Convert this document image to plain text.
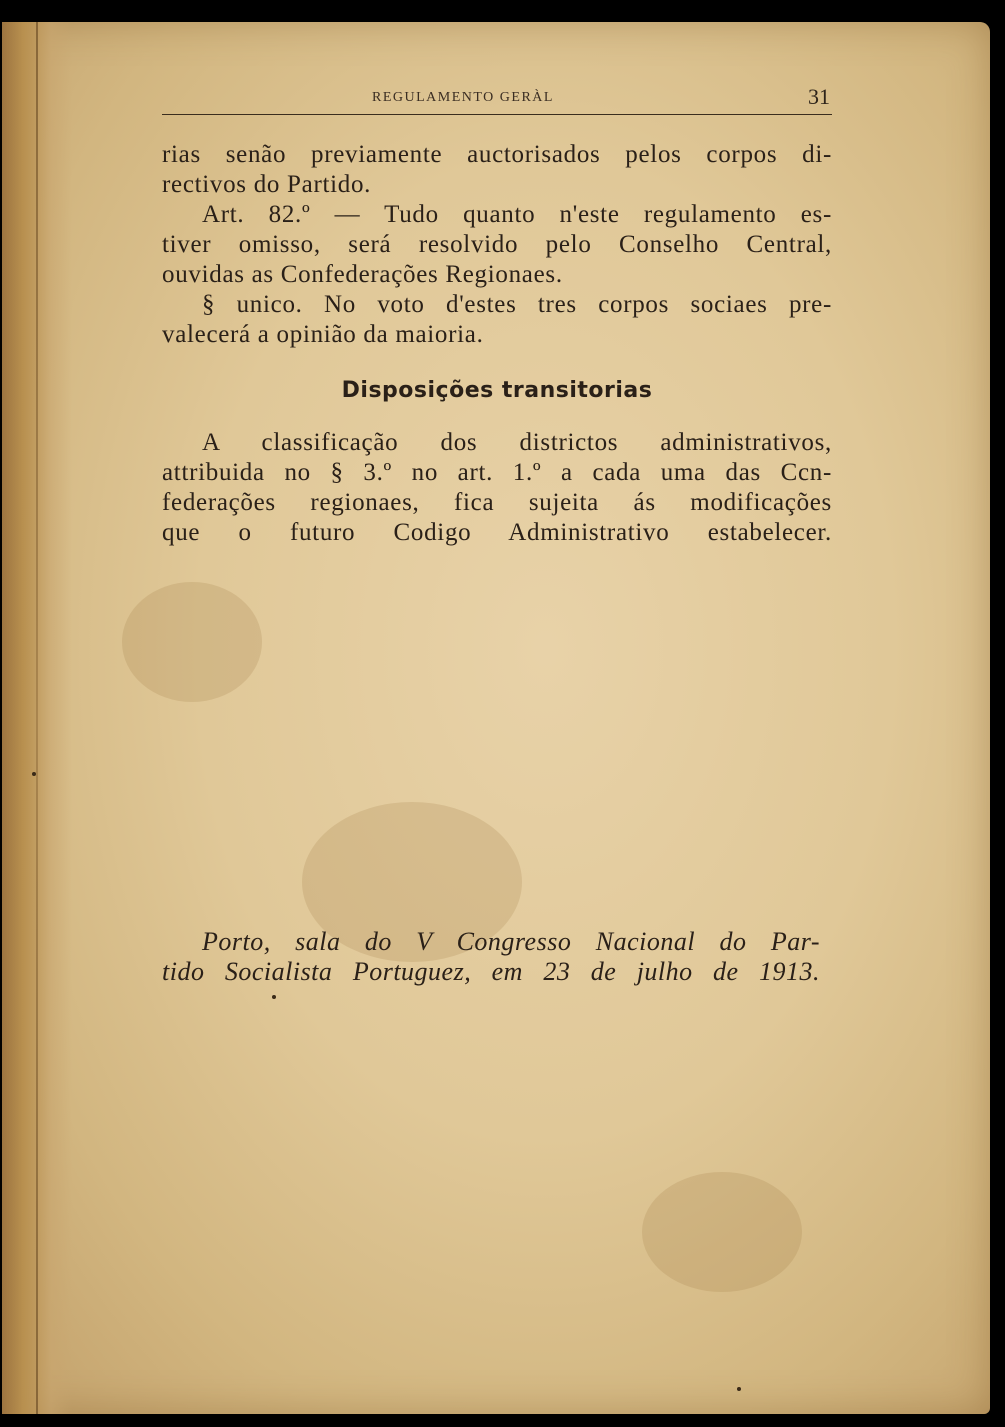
REGULAMENTO GERÀL	31
rias senão previamente auctorisados pelos corpos di-
rectivos do Partido.
Art. 82.º — Tudo quanto n'este regulamento es-
tiver omisso, será resolvido pelo Conselho Central,
ouvidas as Confederações Regionaes.
§ unico. No voto d'estes tres corpos sociaes pre-
valecerá a opinião da maioria.
Disposições transitorias
A classificação dos districtos administrativos,
attribuida no § 3.º no art. 1.º a cada uma das Ccn-
federações regionaes, fica sujeita ás modificações
que o futuro Codigo Administrativo estabelecer.
Porto, sala do V Congresso Nacional do Par-
tido Socialista Portuguez, em 23 de julho de 1913.
